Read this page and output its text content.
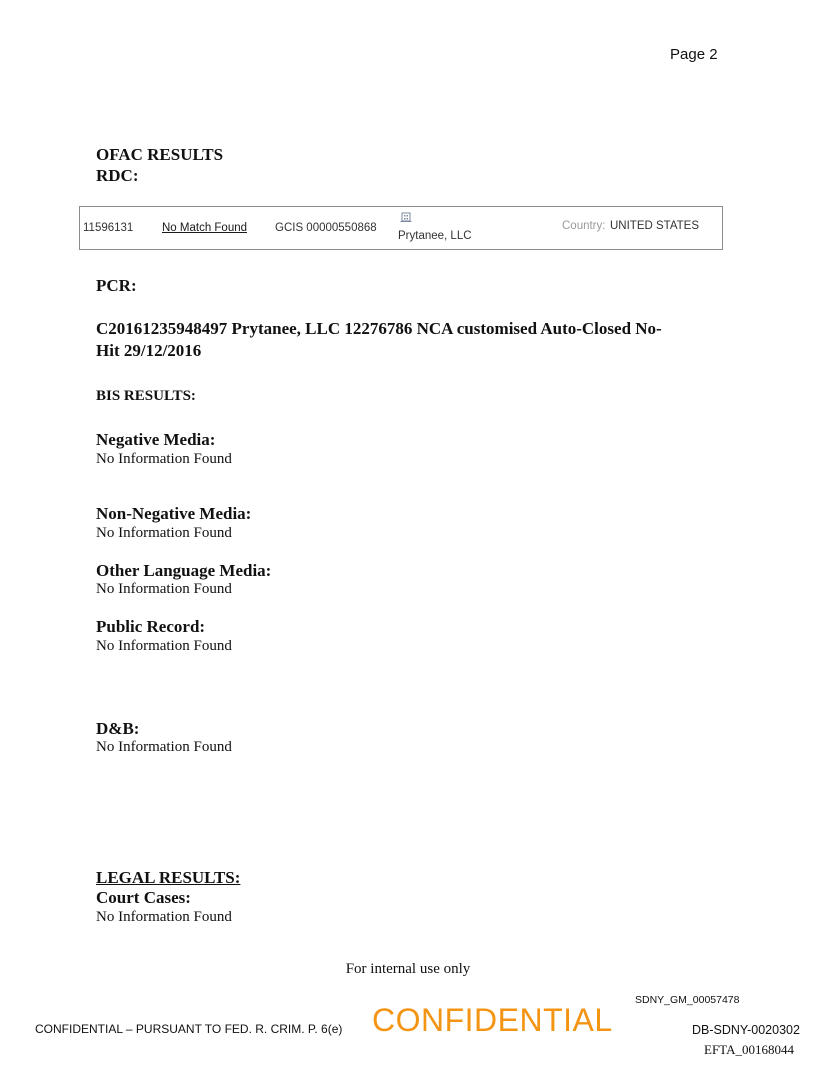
Page 2
OFAC RESULTS
RDC:
11596131 No Match Found GCIS 00000550868
Prytanee, LLC
Country: UNITED STATES
PCR:
C20161235948497 Prytanee, LLC 12276786 NCA customised Auto-Closed No-
Hit 29/12/2016
BIS RESULTS:
Negative Media:
No Information Found
Non-Negative Media:
No Information Found
Other Language Media:
No Information Found
Public Record:
No Information Found
D&B:
No Information Found
LEGAL RESULTS:
Court Cases:
No Information Found
For internal use only
SDNY_GM_00057478
CONFIDENTIAL – PURSUANT TO FED. R. CRIM. P. 6(e) CONFIDENTIAL	DB-SDNY-0020302
EFTA_00168044
